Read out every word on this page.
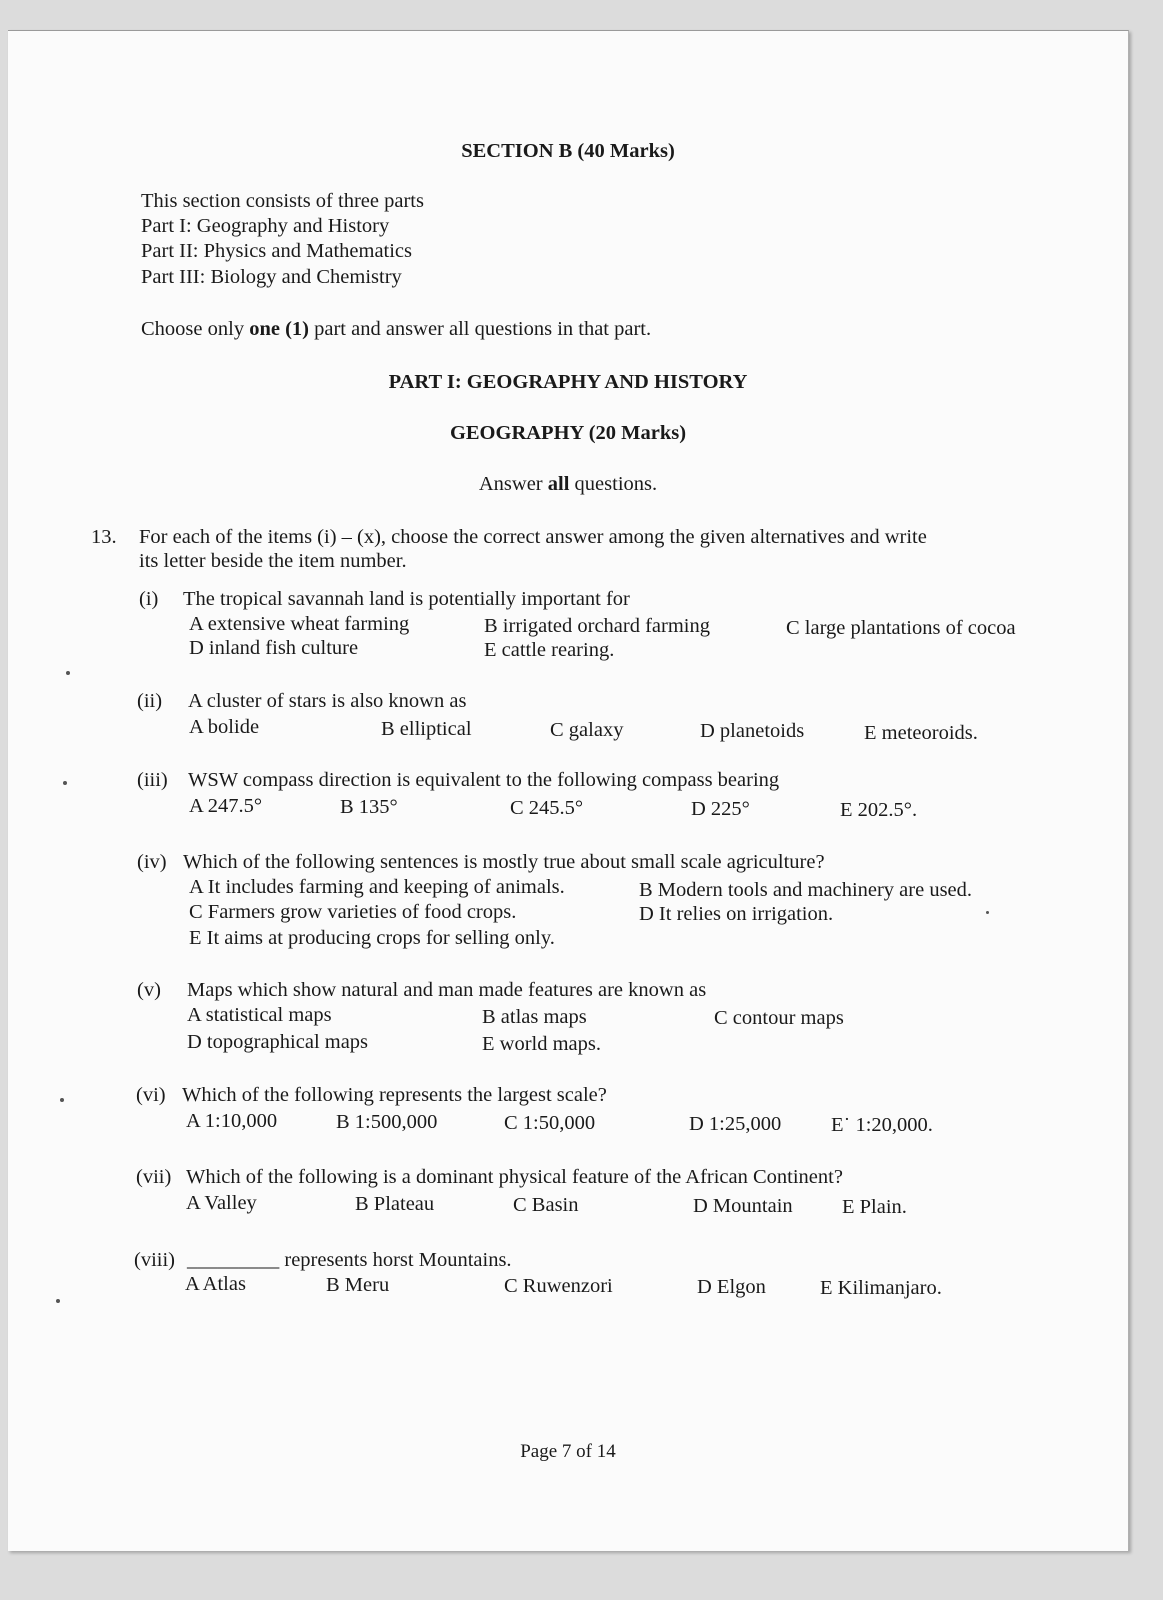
SECTION B (40 Marks)
This section consists of three parts
Part I: Geography and History
Part II: Physics and Mathematics
Part III: Biology and Chemistry
Choose only one (1) part and answer all questions in that part.
PART I: GEOGRAPHY AND HISTORY
GEOGRAPHY (20 Marks)
Answer all questions.
13. For each of the items (i) – (x), choose the correct answer among the given alternatives and write
its letter beside the item number.
(i) The tropical savannah land is potentially important for
A extensive wheat farming	B irrigated orchard farming	C large plantations of cocoa
D inland fish culture	E cattle rearing.
(ii) A cluster of stars is also known as
A bolide	B elliptical	C galaxy	D planetoids	E meteoroids.
(iii) WSW compass direction is equivalent to the following compass bearing
A 247.5°	B 135°	C 245.5°	D 225°	E 202.5°.
(iv) Which of the following sentences is mostly true about small scale agriculture?
A It includes farming and keeping of animals.	B Modern tools and machinery are used.
C Farmers grow varieties of food crops.	D It relies on irrigation.
E It aims at producing crops for selling only.
(v) Maps which show natural and man made features are known as
A statistical maps	B atlas maps	C contour maps
D topographical maps	E world maps.
(vi) Which of the following represents the largest scale?
A 1:10,000	B 1:500,000	C 1:50,000	D 1:25,000 E˙ 1:20,000.
(vii) Which of the following is a dominant physical feature of the African Continent?
A Valley	B Plateau	C Basin	D Mountain E Plain.
(viii) _________ represents horst Mountains.
A Atlas	B Meru	C Ruwenzori	D Elgon	E Kilimanjaro.
Page 7 of 14
